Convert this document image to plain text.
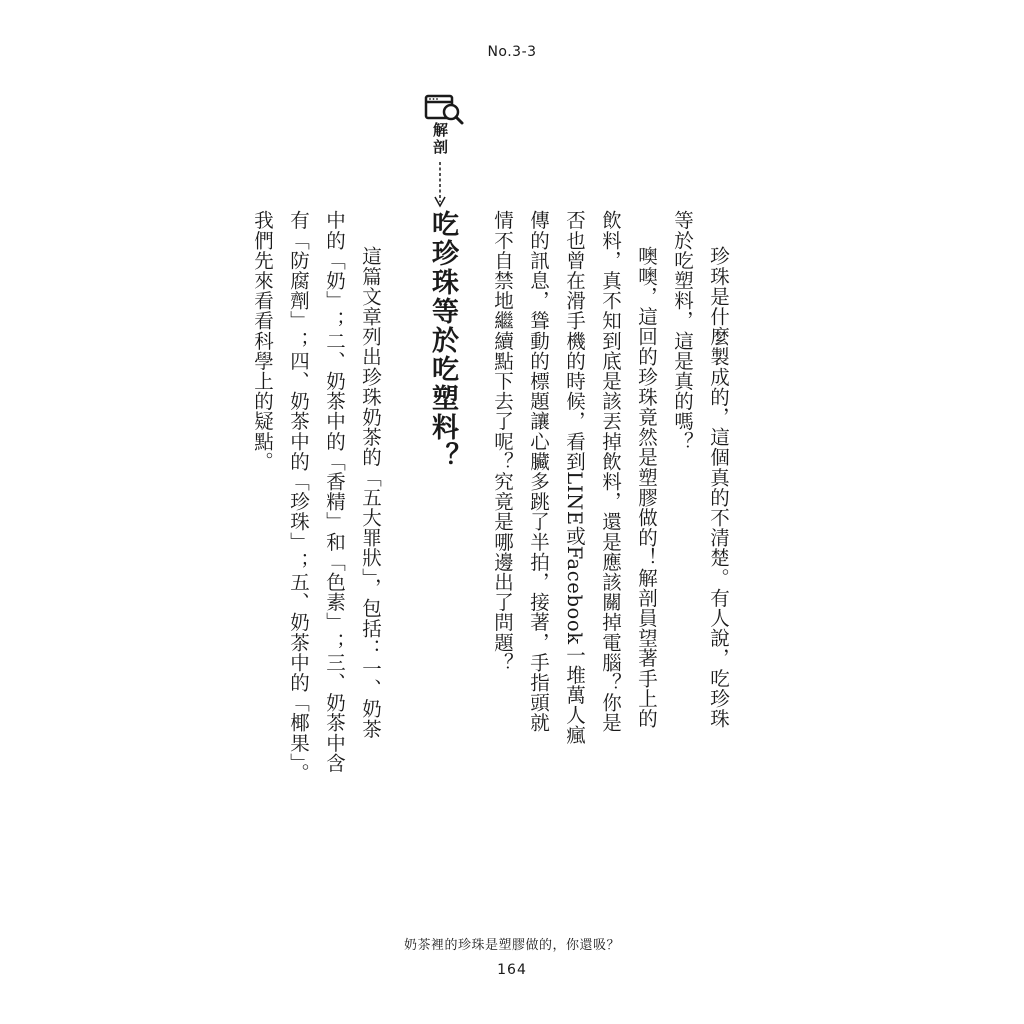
No.3-3
珍珠是什麼製成的，這個真的不清楚。有人說，吃珍珠
等於吃塑料，這是真的嗎？
噢噢，這回的珍珠竟然是塑膠做的！解剖員望著手上的
飲料，真不知到底是該丟掉飲料，還是應該關掉電腦？你是
否也曾在滑手機的時候，看到LINE或Facebook一堆萬人瘋
傳的訊息，聳動的標題讓心臟多跳了半拍，接著，手指頭就
情不自禁地繼續點下去了呢？究竟是哪邊出了問題？
解剖
吃珍珠等於吃塑料？
這篇文章列出珍珠奶茶的「五大罪狀」，包括：一、奶茶
中的「奶」；二、奶茶中的「香精」和「色素」；三、奶茶中含
有「防腐劑」；四、奶茶中的「珍珠」；五、奶茶中的「椰果」。
我們先來看看科學上的疑點。
奶茶裡的珍珠是塑膠做的，你還吸？
164
